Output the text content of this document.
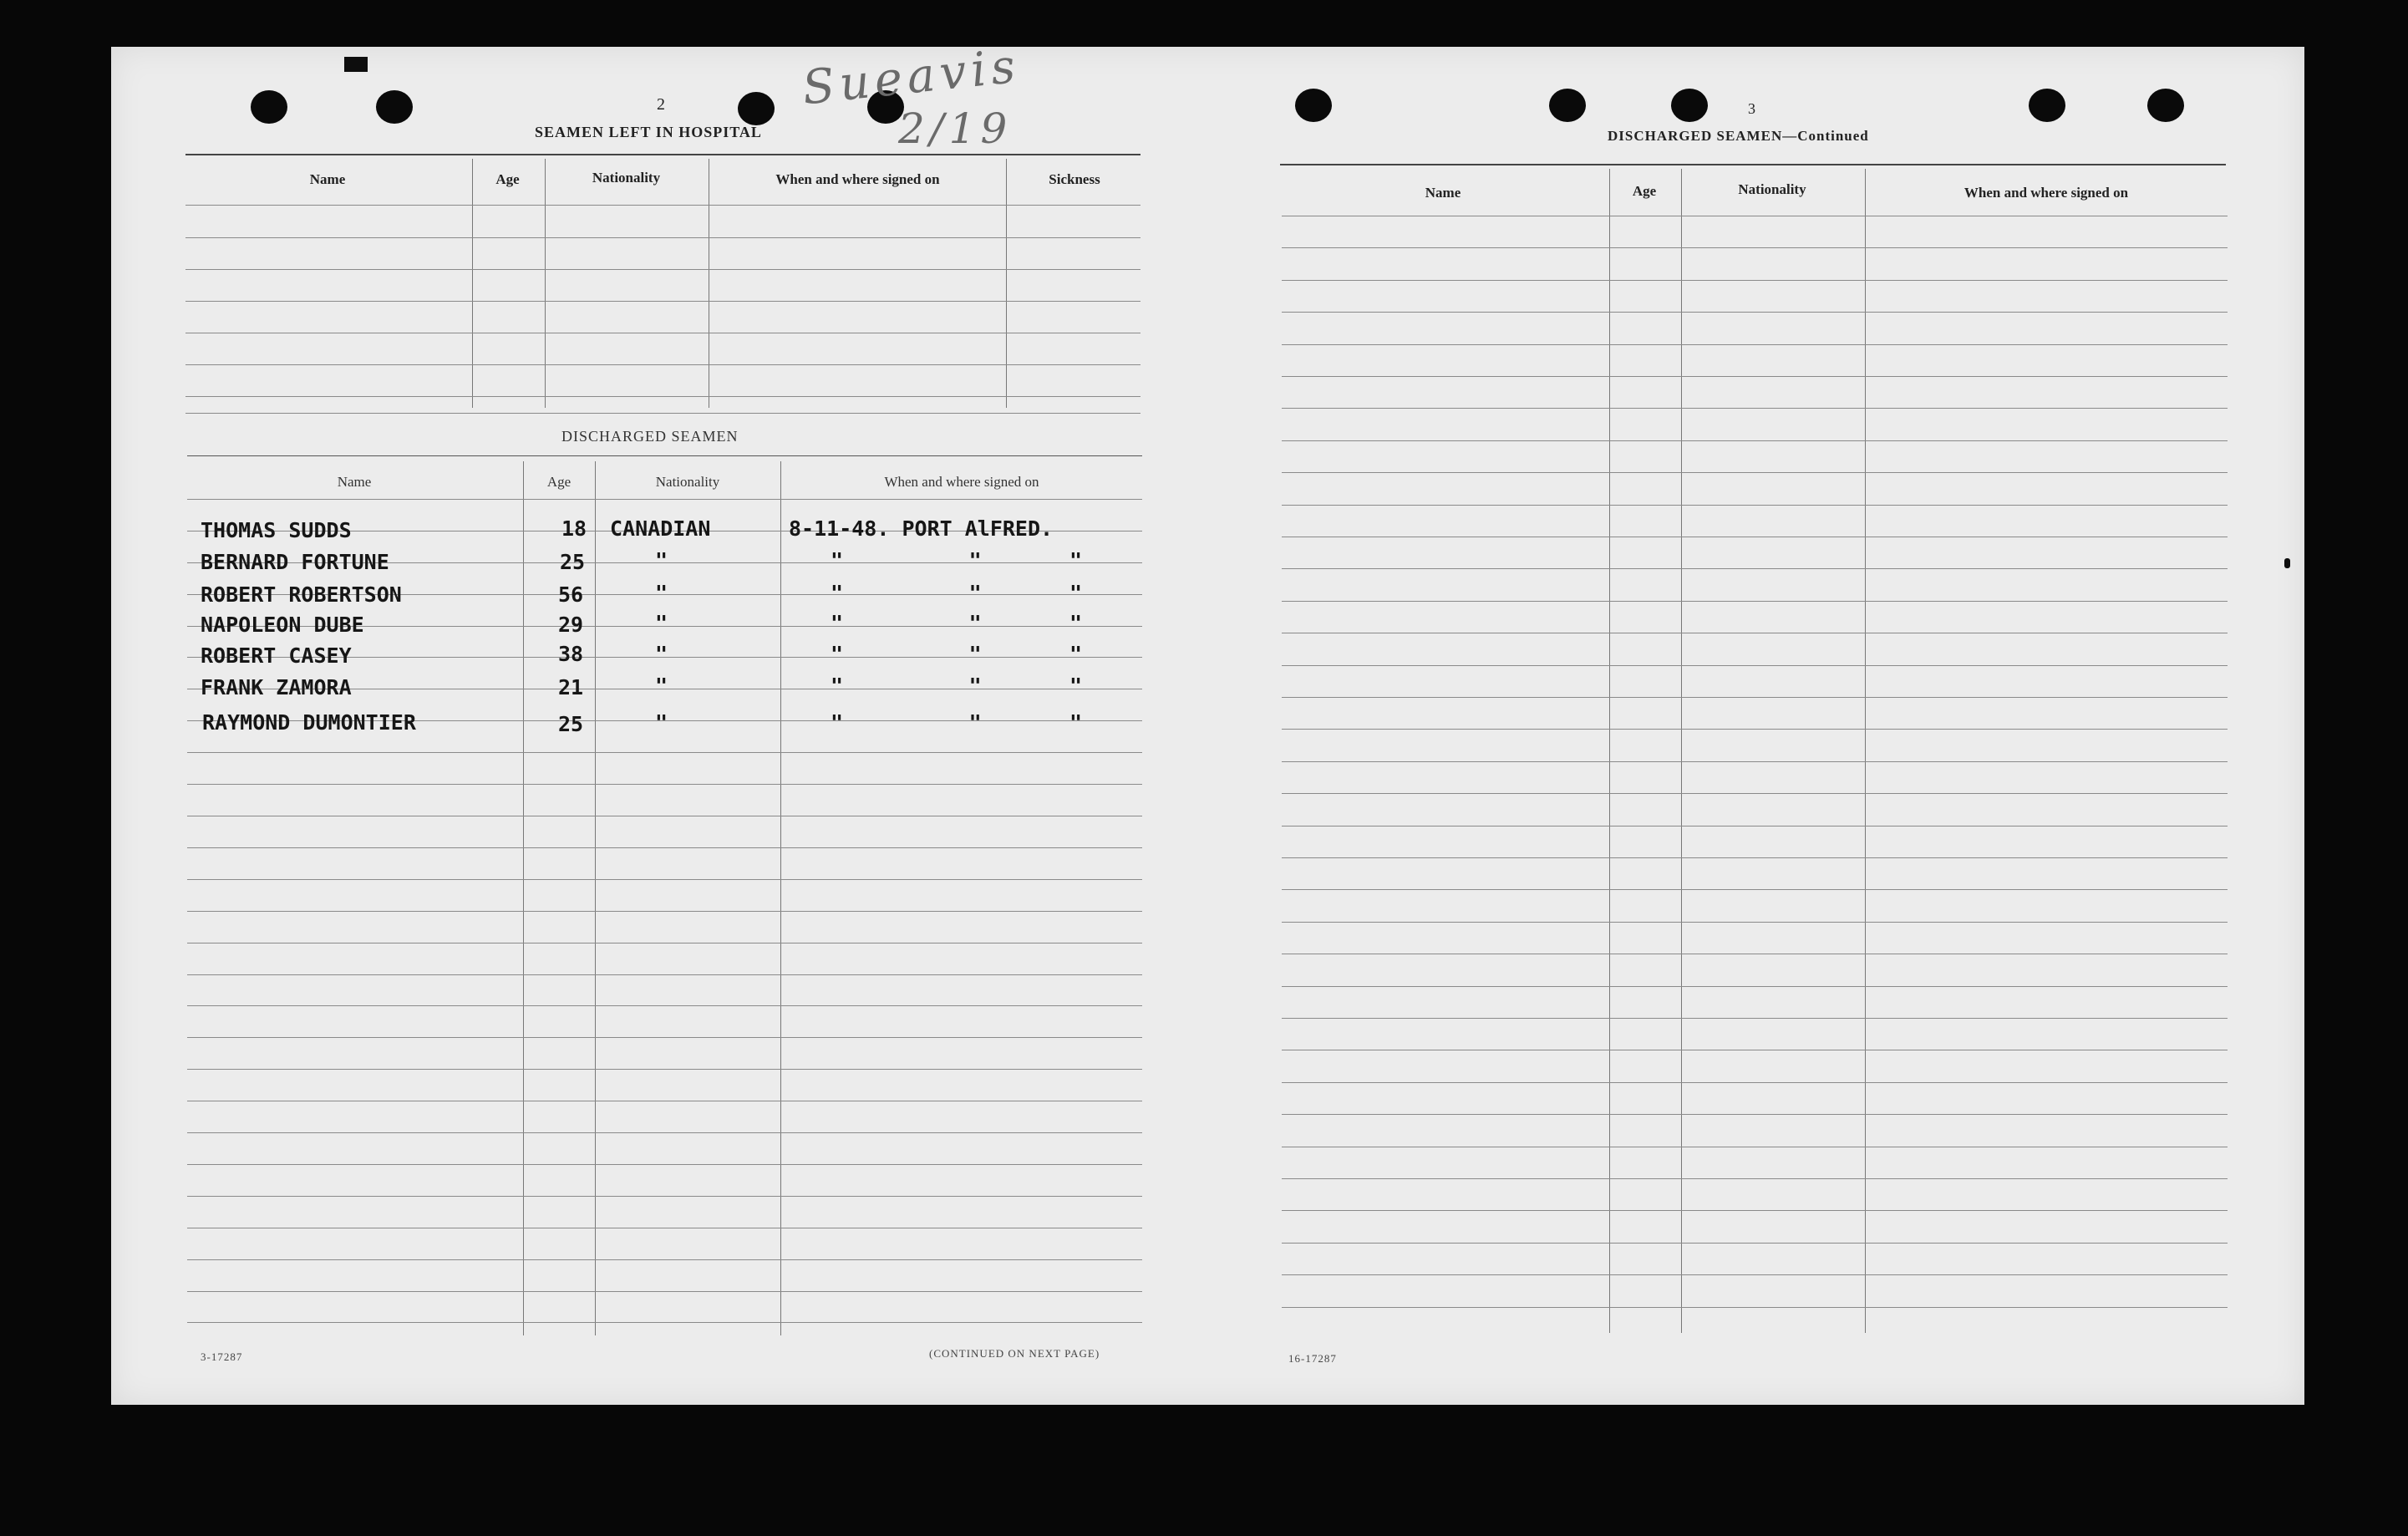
Sueavis
2/19
2
SEAMEN LEFT IN HOSPITAL
Name	Age	Nationality	When and where signed on	Sickness
DISCHARGED SEAMEN
Name	Age	Nationality	When and where signed on
THOMAS SUDDS	18 CANADIAN	8-11-48. PORT AlFRED.
BERNARD FORTUNE	25	"	"          "       "
ROBERT ROBERTSON	56	"	"          "       "
NAPOLEON DUBE	29	"	"          "       "
ROBERT CASEY	38	"	"          "       "
FRANK ZAMORA	21	"	"          "       "
RAYMOND DUMONTIER	25	"	"          "       "
3-17287	(CONTINUED ON NEXT PAGE)
3
DISCHARGED SEAMEN—Continued
Name	Age	Nationality	When and where signed on
16-17287
